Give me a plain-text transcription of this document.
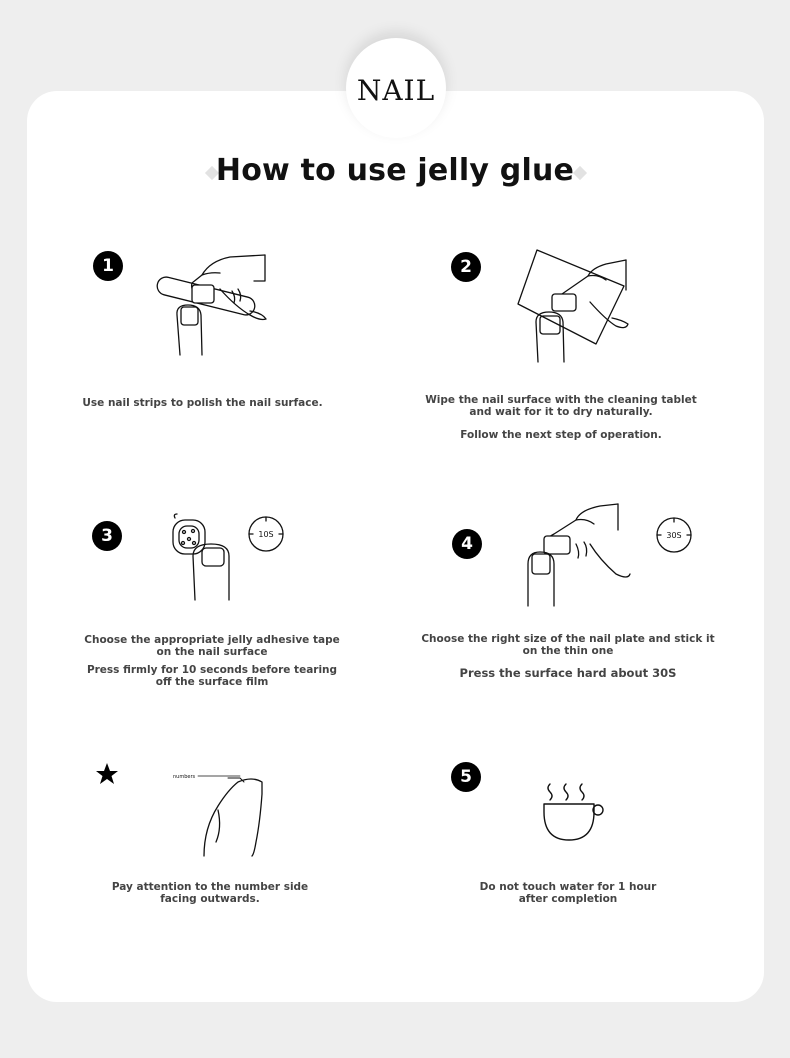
NAIL
How to use jelly glue
1

Use nail strips to polish the nail surface.

2

Wipe the nail surface with the cleaning tablet and wait for it to dry naturally.

Follow the next step of operation.

3	10S

Choose the appropriate jelly adhesive tape on the nail surface

Press firmly for 10 seconds before tearing off the surface film

4	30S

Choose the right size of the nail plate and stick it on the thin one

Press the surface hard about 30S

numbers

Pay attention to the number side facing outwards.

5

Do not touch water for 1 hour after completion
